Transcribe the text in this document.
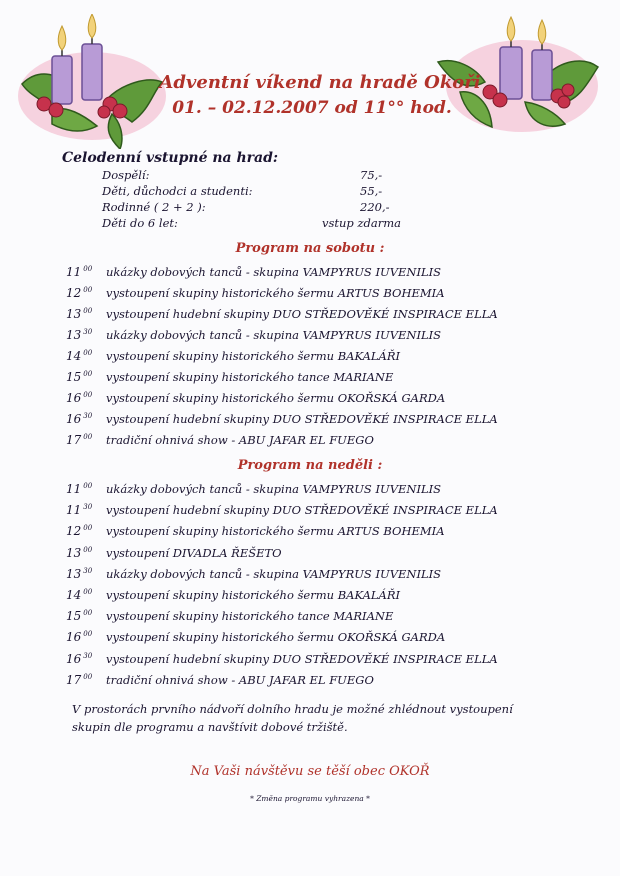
Adventní víkend na hradě Okoři
01. – 02.12.2007 od 11°° hod.
Celodenní vstupné na hrad:
Dospělí:	75,-
Děti, důchodci a studenti:	55,-
Rodinné ( 2 + 2 ):	220,-
Děti do 6 let:	vstup zdarma
Program na sobotu :
11 $^{00}$ ukázky dobových tanců - skupina VAMPYRUS IUVENILIS
12 $^{00}$ vystoupení skupiny historického šermu ARTUS BOHEMIA
13 $^{00}$ vystoupení hudební skupiny DUO STŘEDOVĚKÉ INSPIRACE ELLA
13 $^{30}$ ukázky dobových tanců - skupina VAMPYRUS IUVENILIS
14 $^{00}$ vystoupení skupiny historického šermu BAKALÁŘI
15 $^{00}$ vystoupení skupiny historického tance MARIANE
16 $^{00}$ vystoupení skupiny historického šermu OKOŘSKÁ GARDA
16 $^{30}$ vystoupení hudební skupiny DUO STŘEDOVĚKÉ INSPIRACE ELLA
17 $^{00}$ tradiční ohnivá show - ABU JAFAR EL FUEGO
Program na neděli :
11 $^{00}$ ukázky dobových tanců - skupina VAMPYRUS IUVENILIS
11 $^{30}$ vystoupení hudební skupiny DUO STŘEDOVĚKÉ INSPIRACE ELLA
12 $^{00}$ vystoupení skupiny historického šermu ARTUS BOHEMIA
13 $^{00}$ vystoupení DIVADLA ŘEŠETO
13 $^{30}$ ukázky dobových tanců - skupina VAMPYRUS IUVENILIS
14 $^{00}$ vystoupení skupiny historického šermu BAKALÁŘI
15 $^{00}$ vystoupení skupiny historického tance MARIANE
16 $^{00}$ vystoupení skupiny historického šermu OKOŘSKÁ GARDA
16 $^{30}$ vystoupení hudební skupiny DUO STŘEDOVĚKÉ INSPIRACE ELLA
17 $^{00}$ tradiční ohnivá show - ABU JAFAR EL FUEGO

V prostorách prvního nádvoří dolního hradu je možné zhlédnout vystoupení skupin dle programu a navštívit dobové tržiště.

Na Vaši návštěvu se těší obec OKOŘ

* Změna programu vyhrazena *
